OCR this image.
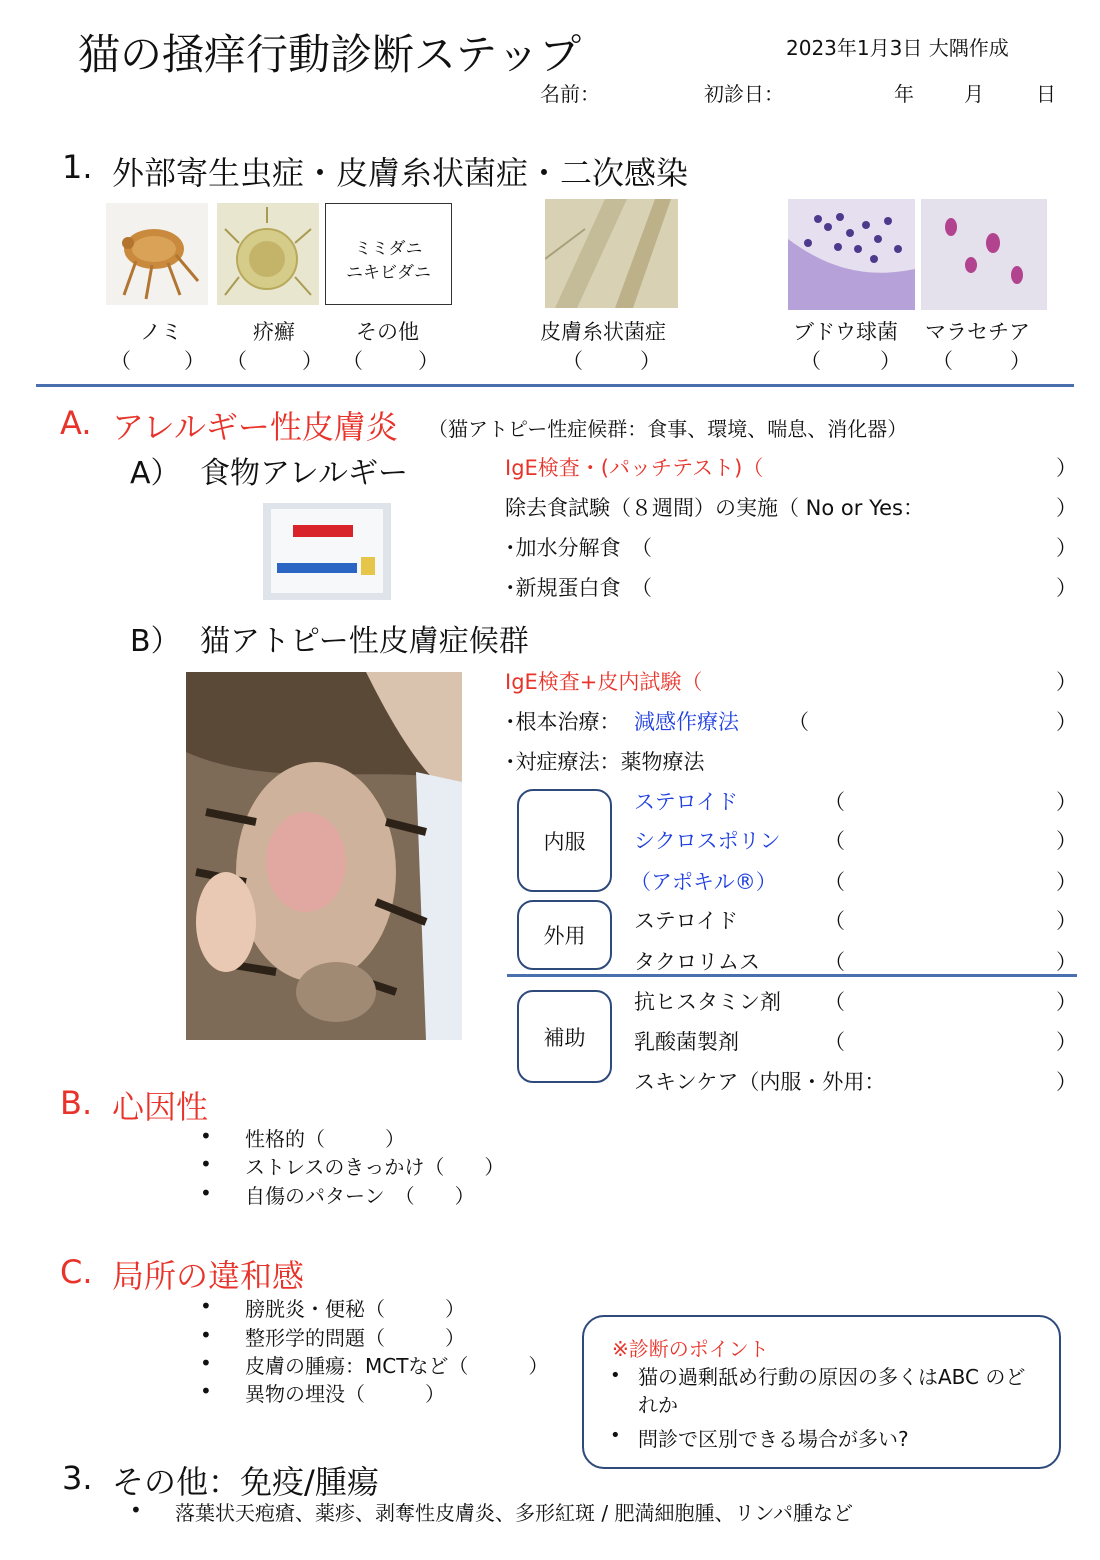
猫の掻痒行動診断ステップ	2023年1月3日 大隅作成
名前：	初診日：	年	月	日
1. 外部寄生虫症・皮膚糸状菌症・二次感染
ミミダニ
ニキビダニ
ノミ	疥癬	その他	皮膚糸状菌症	ブドウ球菌 マラセチア
（	） （	） （	）	（	）	（	） （	）
A. アレルギー性皮膚炎 （猫アトピー性症候群：食事、環境、喘息、消化器）
A） 食物アレルギー	IgE検査・(パッチテスト)（	）
除去食試験（８週間）の実施（ No or Yes：	）
･加水分解食　（	）
･新規蛋白食　（	）
B） 猫アトピー性皮膚症候群
IgE検査+皮内試験（	）
･根本治療： 減感作療法 （	）
･対症療法：薬物療法
内服
外用
補助
ステロイド	（	）
シクロスポリン （	）
（アポキル®） （	）
ステロイド	（	）
タクロリムス	（	）
抗ヒスタミン剤 （	）
乳酸菌製剤	（	）
スキンケア（内服・外用：	）
B. 心因性
• 性格的（　　　）
• ストレスのきっかけ（　　）
• 自傷のパターン　（　　）
C. 局所の違和感
• 膀胱炎・便秘（　　　）
• 整形学的問題（　　　）
• 皮膚の腫瘍：MCTなど（　　　）
• 異物の埋没（　　　）
※診断のポイント
• 猫の過剰舐め行動の原因の多くはABC のどれか
• 問診で区別できる場合が多い?
3. その他：免疫/腫瘍
• 落葉状天疱瘡、薬疹、剥奪性皮膚炎、多形紅斑 / 肥満細胞腫、リンパ腫など
